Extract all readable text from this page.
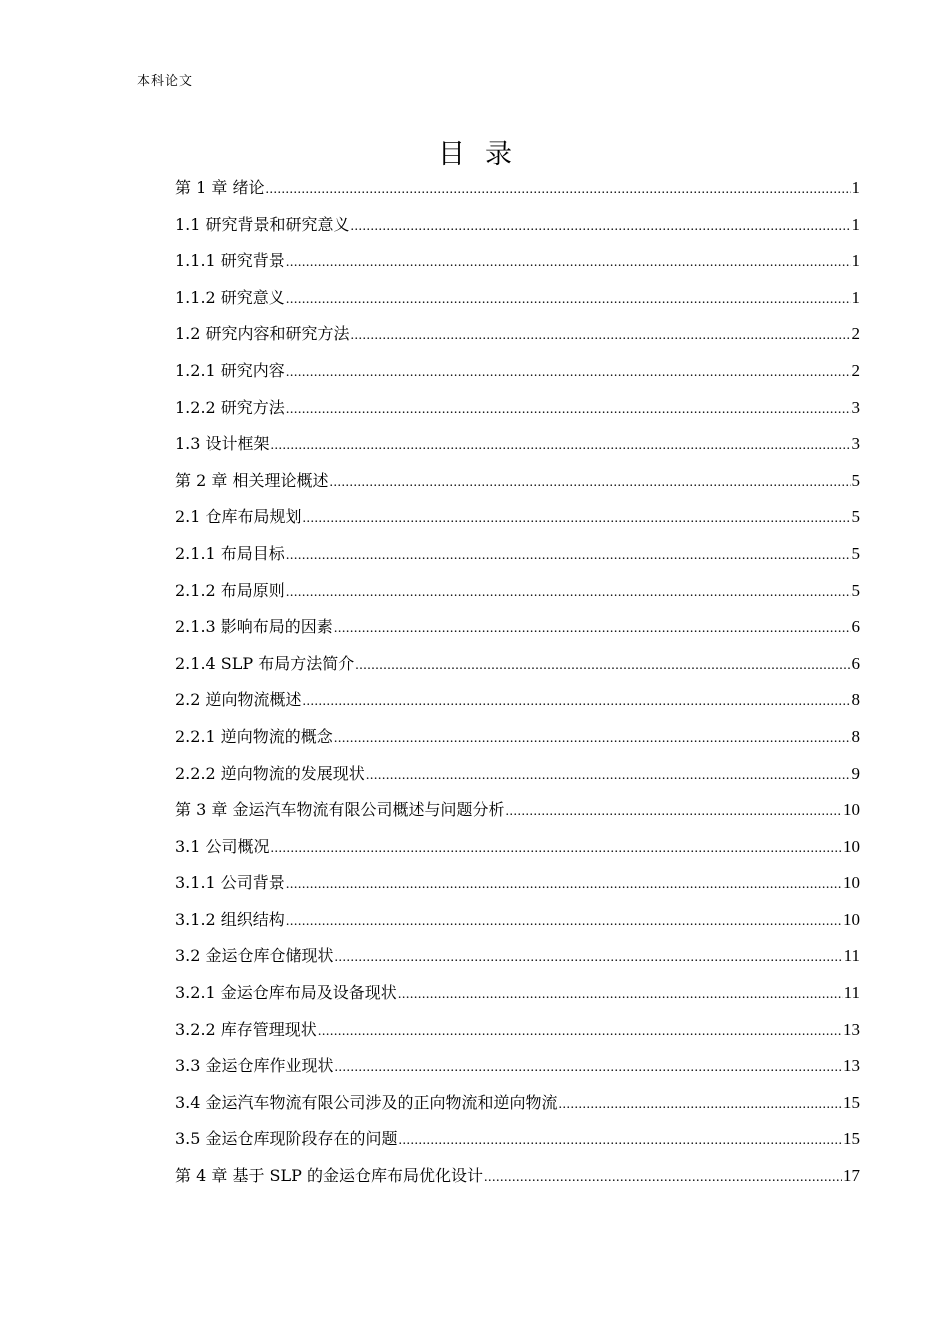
本科论文
目录
第 1 章 绪论 .....	1
1.1 研究背景和研究意义 .....	1
1.1.1 研究背景 .....	1
1.1.2 研究意义 .....	1
1.2 研究内容和研究方法 .....	2
1.2.1 研究内容 .....	2
1.2.2 研究方法 .....	3
1.3 设计框架 .....	3
第 2 章 相关理论概述 .....	5
2.1 仓库布局规划 .....	5
2.1.1 布局目标 .....	5
2.1.2 布局原则 .....	5
2.1.3 影响布局的因素 .....	6
2.1.4 SLP 布局方法简介 .....	6
2.2 逆向物流概述 .....	8
2.2.1 逆向物流的概念 .....	8
2.2.2 逆向物流的发展现状 .....	9
第 3 章 金运汽车物流有限公司概述与问题分析 .....	10
3.1 公司概况 .....	10
3.1.1 公司背景 .....	10
3.1.2 组织结构 .....	10
3.2 金运仓库仓储现状 .....	11
3.2.1 金运仓库布局及设备现状 .....	11
3.2.2 库存管理现状 .....	13
3.3 金运仓库作业现状 .....	13
3.4 金运汽车物流有限公司涉及的正向物流和逆向物流 .....	15
3.5 金运仓库现阶段存在的问题 .....	15
第 4 章 基于 SLP 的金运仓库布局优化设计 .....	17
